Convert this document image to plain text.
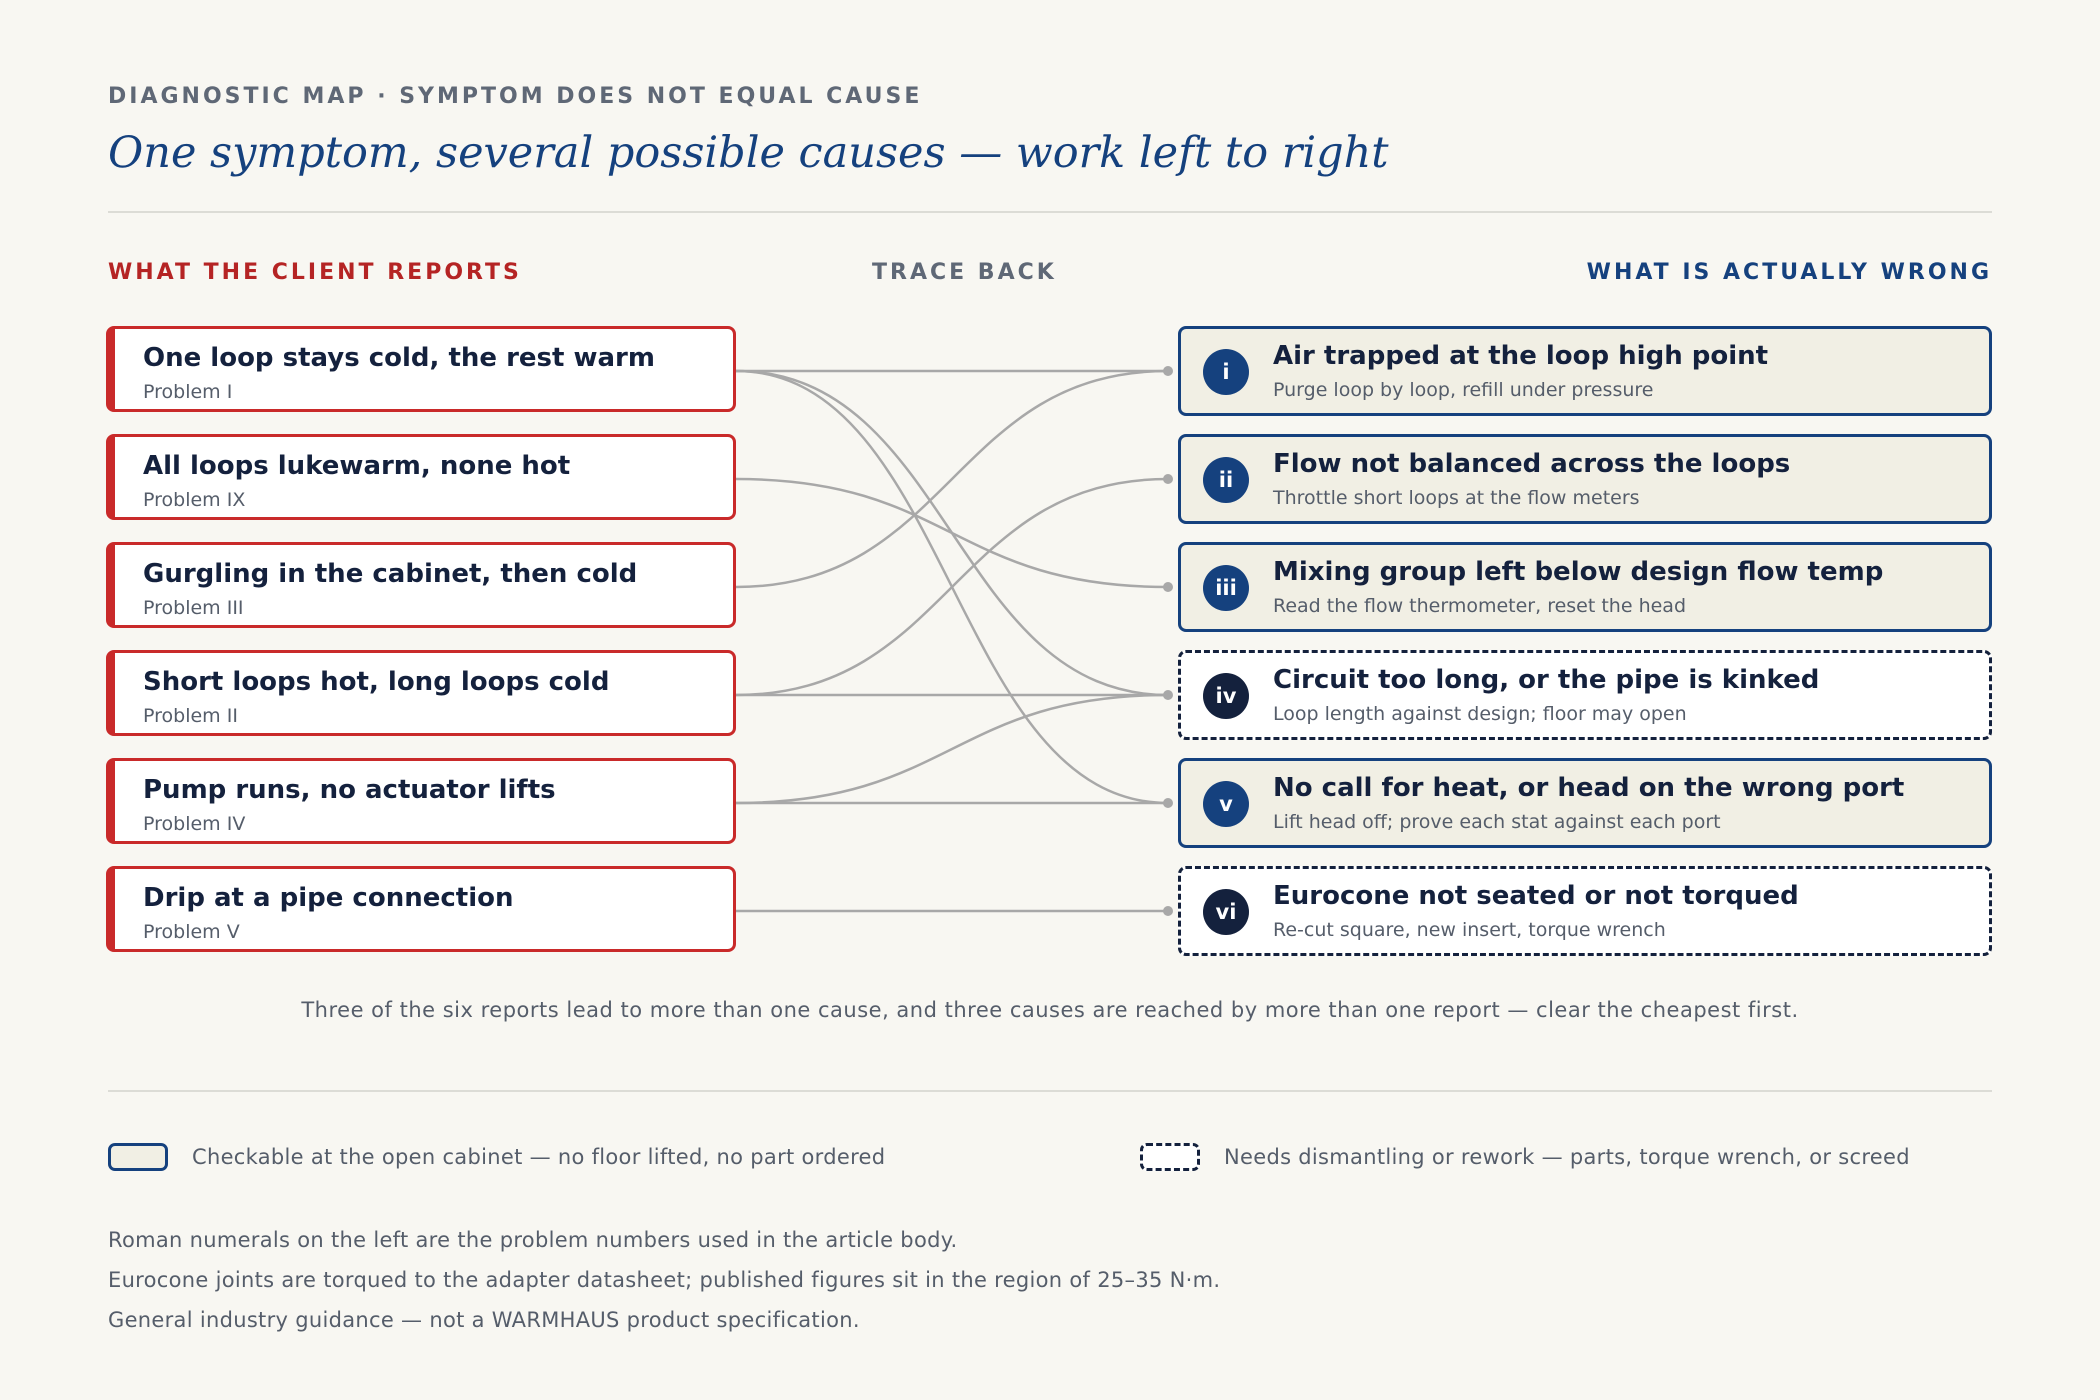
DIAGNOSTIC MAP · SYMPTOM DOES NOT EQUAL CAUSE
One symptom, several possible causes — work left to right
WHAT THE CLIENT REPORTS	TRACE BACK	WHAT IS ACTUALLY WRONG
One loop stays cold, the rest warm
Problem I
All loops lukewarm, none hot
Problem IX
Gurgling in the cabinet, then cold
Problem III
Short loops hot, long loops cold
Problem II
Pump runs, no actuator lifts
Problem IV
Drip at a pipe connection
Problem V
i
Air trapped at the loop high point
Purge loop by loop, refill under pressure
ii
Flow not balanced across the loops
Throttle short loops at the flow meters
iii
Mixing group left below design flow temp
Read the flow thermometer, reset the head
iv
Circuit too long, or the pipe is kinked
Loop length against design; floor may open
v
No call for heat, or head on the wrong port
Lift head off; prove each stat against each port
vi
Eurocone not seated or not torqued
Re-cut square, new insert, torque wrench
Three of the six reports lead to more than one cause, and three causes are reached by more than one report — clear the cheapest first.
Checkable at the open cabinet — no floor lifted, no part ordered	Needs dismantling or rework — parts, torque wrench, or screed
Roman numerals on the left are the problem numbers used in the article body.
Eurocone joints are torqued to the adapter datasheet; published figures sit in the region of 25–35 N·m.
General industry guidance — not a WARMHAUS product specification.
